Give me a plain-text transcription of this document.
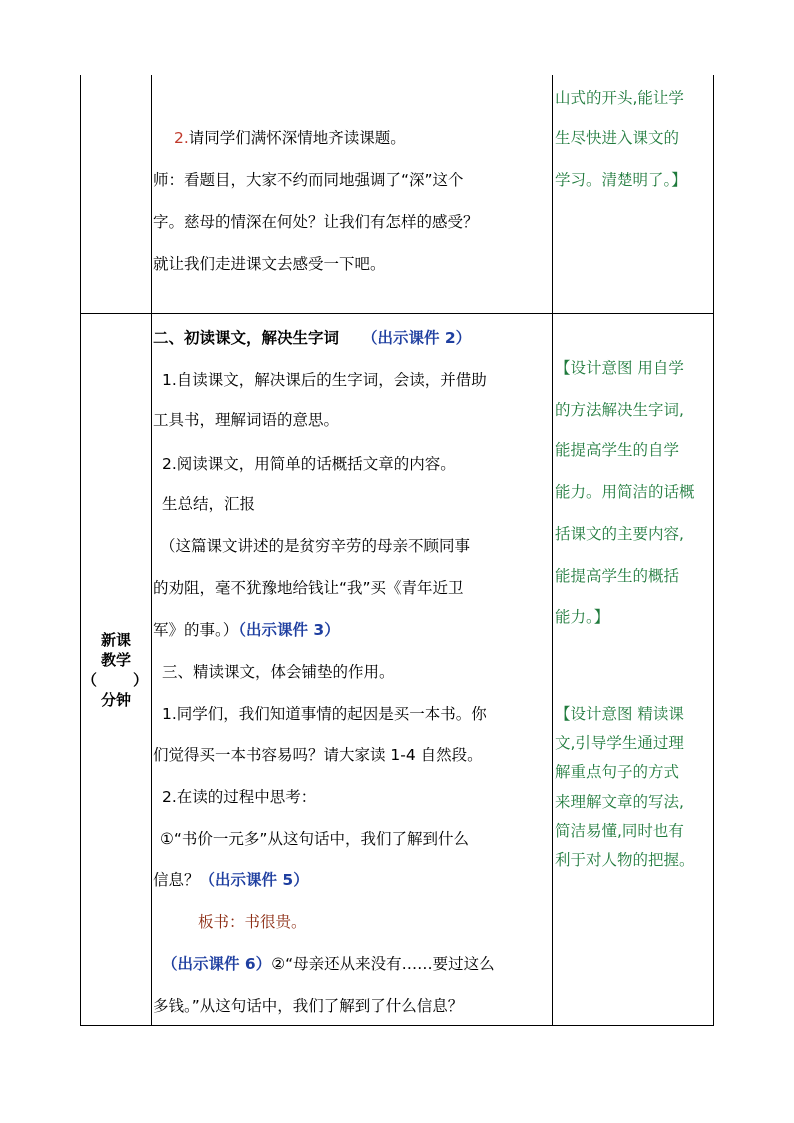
新课
教学
（ ）
分钟
2.请同学们满怀深情地齐读课题。
师：看题目，大家不约而同地强调了“深”这个
字。慈母的情深在何处？让我们有怎样的感受？
就让我们走进课文去感受一下吧。
山式的开头,能让学
生尽快进入课文的
学习。清楚明了。】
二、初读课文，解决生字词 （出示课件 2）
1.自读课文，解决课后的生字词，会读，并借助
工具书，理解词语的意思。
2.阅读课文，用简单的话概括文章的内容。
生总结，汇报
（这篇课文讲述的是贫穷辛劳的母亲不顾同事
的劝阻，毫不犹豫地给钱让“我”买《青年近卫
军》的事。）（出示课件 3）
三、精读课文，体会铺垫的作用。
1.同学们，我们知道事情的起因是买一本书。你
们觉得买一本书容易吗？请大家读 1-4 自然段。
2.在读的过程中思考：
①“书价一元多”从这句话中，我们了解到什么
信息？（出示课件 5）
板书：书很贵。
（出示课件 6）②“母亲还从来没有……要过这么
多钱。”从这句话中，我们了解到了什么信息？
【设计意图 用自学
的方法解决生字词,
能提高学生的自学
能力。用简洁的话概
括课文的主要内容,
能提高学生的概括
能力。】
【设计意图 精读课
文,引导学生通过理
解重点句子的方式
来理解文章的写法,
简洁易懂,同时也有
利于对人物的把握。
